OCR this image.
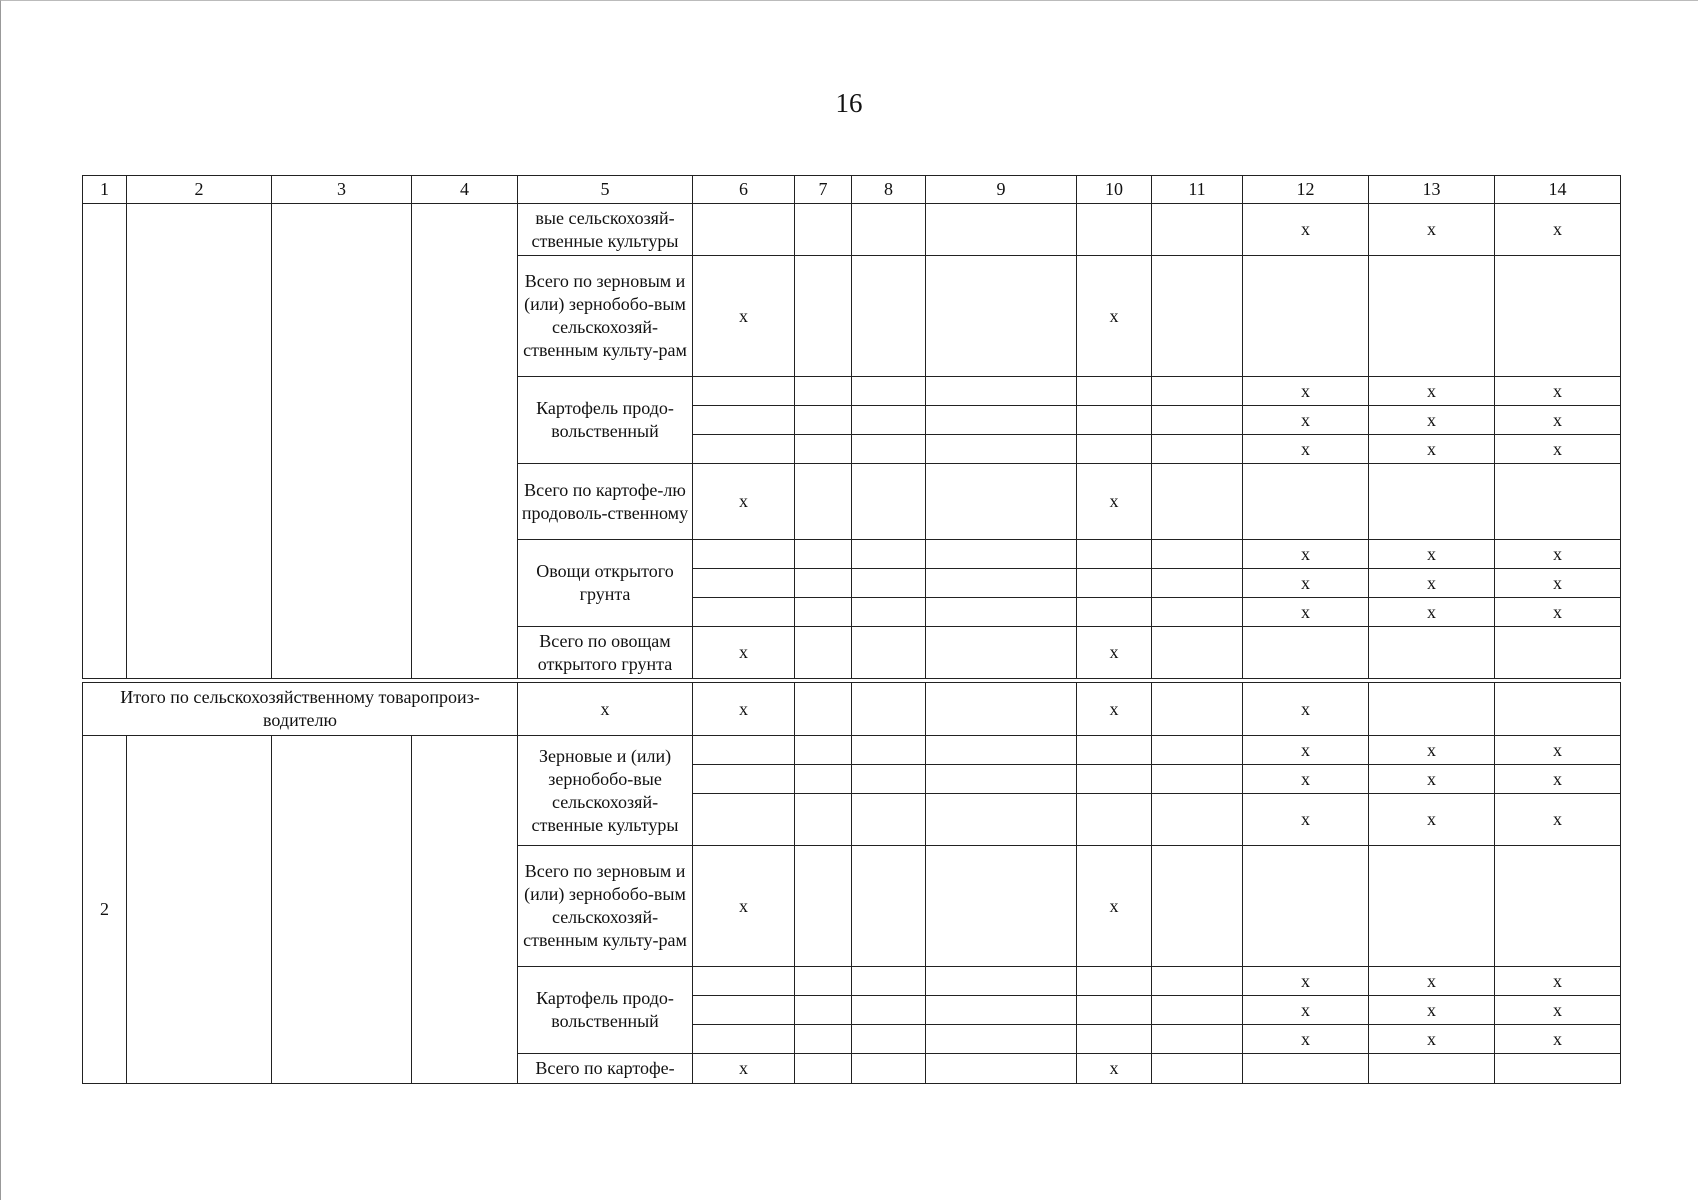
16
1	2	3	4	5	6	7	8	9	10	11	12	13	14
				вые сельскохозяй-ственные культуры							x	x	x
				Всего по зерновым и (или) зернобобо-вым сельскохозяй-ственным культу-рам	x				x				
				Картофель продо-вольственный							x	x	x
											x	x	x
											x	x	x
				Всего по картофе-лю продоволь-ственному	x				x				
				Овощи открытого грунта							x	x	x
											x	x	x
											x	x	x
				Всего по овощам открытого грунта	x				x				
Итого по сельскохозяйственному товаропроиз-водителю				x	x				x		x		
2				Зерновые и (или) зернобобо-вые сельскохозяй-ственные культуры							x	x	x
											x	x	x
											x	x	x
				Всего по зерновым и (или) зернобобо-вым сельскохозяй-ственным культу-рам	x				x				
				Картофель продо-вольственный							x	x	x
											x	x	x
											x	x	x
				Всего по картофе-	x				x				
